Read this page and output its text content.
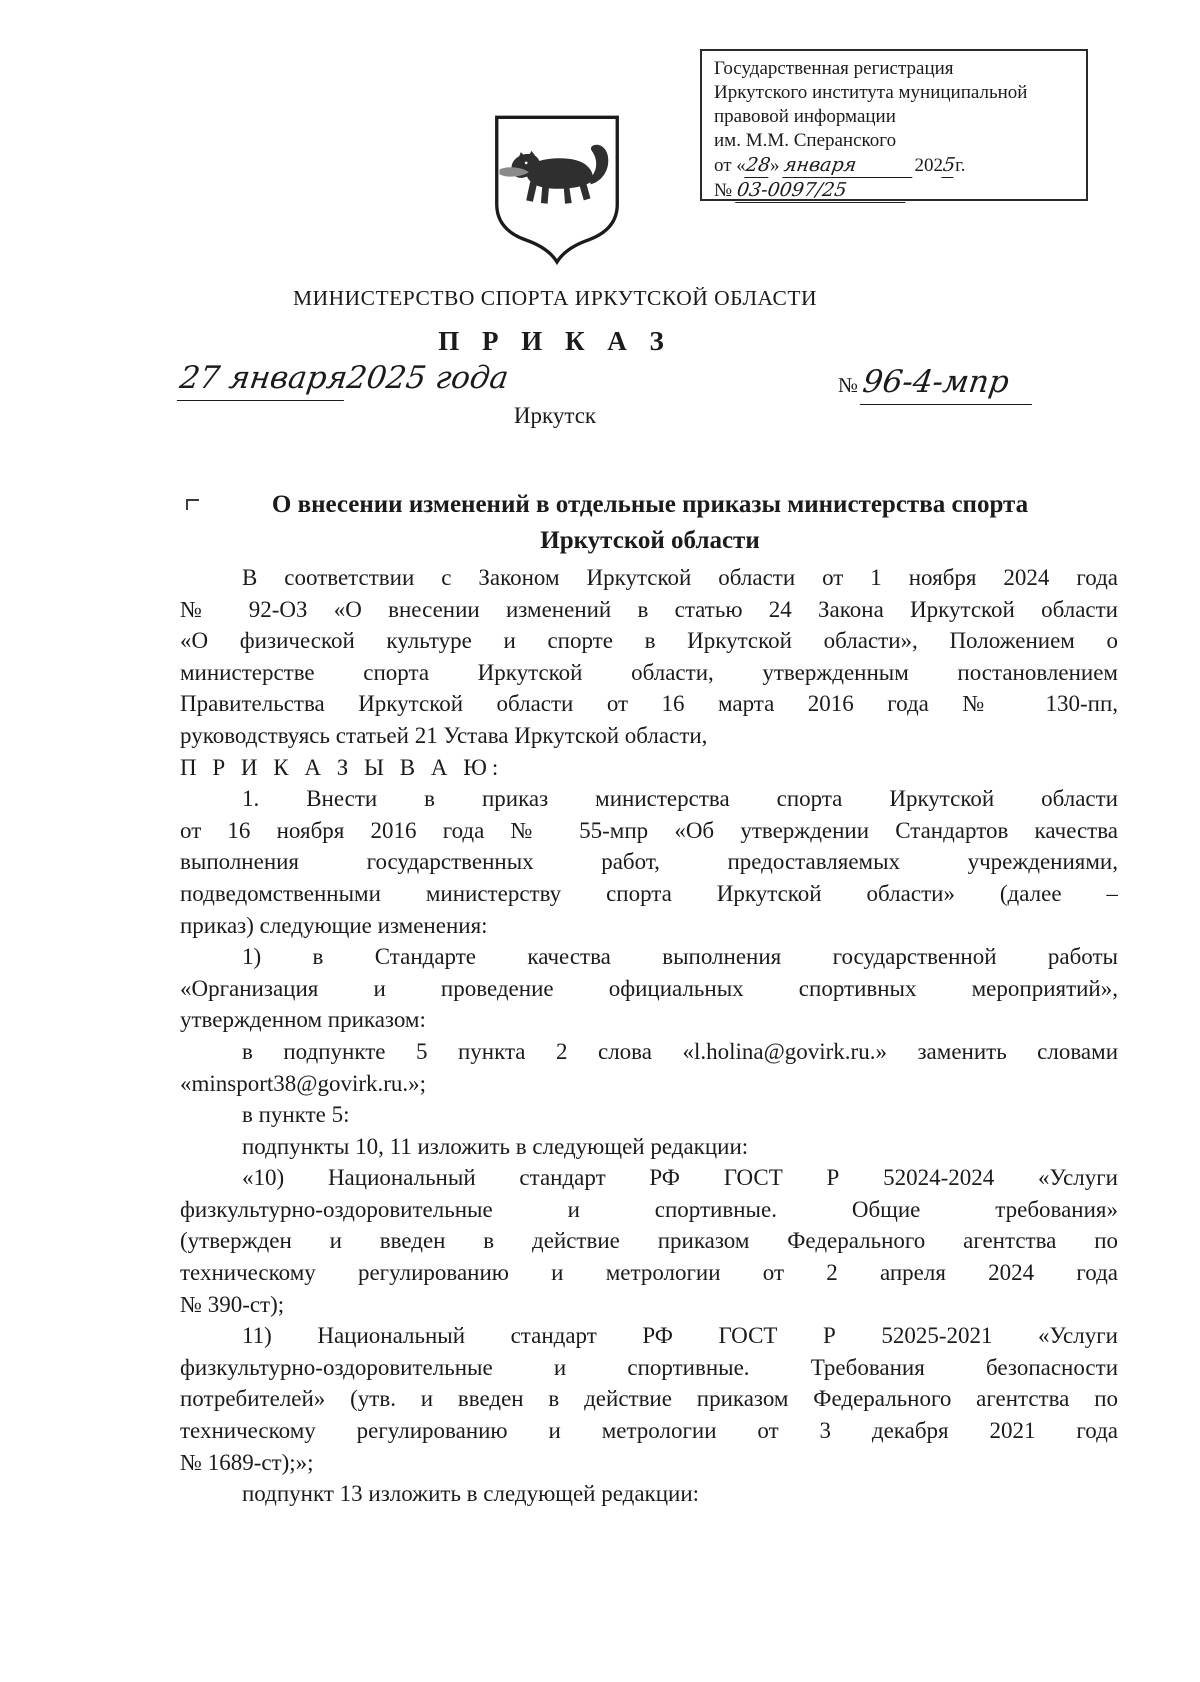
Государственная регистрация
Иркутского института муниципальной
правовой информации
им. М.М. Сперанского
от «28» января	2025г.
№ 03-0097/25
МИНИСТЕРСТВО СПОРТА ИРКУТСКОЙ ОБЛАСТИ
П Р И К А З
27 января2025 года	№ 96-4-мпр
Иркутск
О внесении изменений в отдельные приказы министерства спорта
Иркутской области
В соответствии с Законом Иркутской области от 1 ноября 2024 года
№ 92-ОЗ «О внесении изменений в статью 24 Закона Иркутской области
«О физической культуре и спорте в Иркутской области», Положением о
министерстве спорта Иркутской области, утвержденным постановлением
Правительства Иркутской области от 16 марта 2016 года № 130-пп,
руководствуясь статьей 21 Устава Иркутской области,
П Р И К А З Ы В А Ю:
1. Внести в приказ министерства спорта Иркутской области
от 16 ноября 2016 года № 55-мпр «Об утверждении Стандартов качества
выполнения государственных работ, предоставляемых учреждениями,
подведомственными министерству спорта Иркутской области» (далее –
приказ) следующие изменения:
1) в Стандарте качества выполнения государственной работы
«Организация и проведение официальных спортивных мероприятий»,
утвержденном приказом:
в подпункте 5 пункта 2 слова «l.holina@govirk.ru.» заменить словами
«minsport38@govirk.ru.»;
в пункте 5:
подпункты 10, 11 изложить в следующей редакции:
«10) Национальный стандарт РФ ГОСТ Р 52024-2024 «Услуги
физкультурно-оздоровительные и спортивные. Общие требования»
(утвержден и введен в действие приказом Федерального агентства по
техническому регулированию и метрологии от 2 апреля 2024 года
№ 390-ст);
11) Национальный стандарт РФ ГОСТ Р 52025-2021 «Услуги
физкультурно-оздоровительные и спортивные. Требования безопасности
потребителей» (утв. и введен в действие приказом Федерального агентства по
техническому регулированию и метрологии от 3 декабря 2021 года
№ 1689-ст);»;
подпункт 13 изложить в следующей редакции:
